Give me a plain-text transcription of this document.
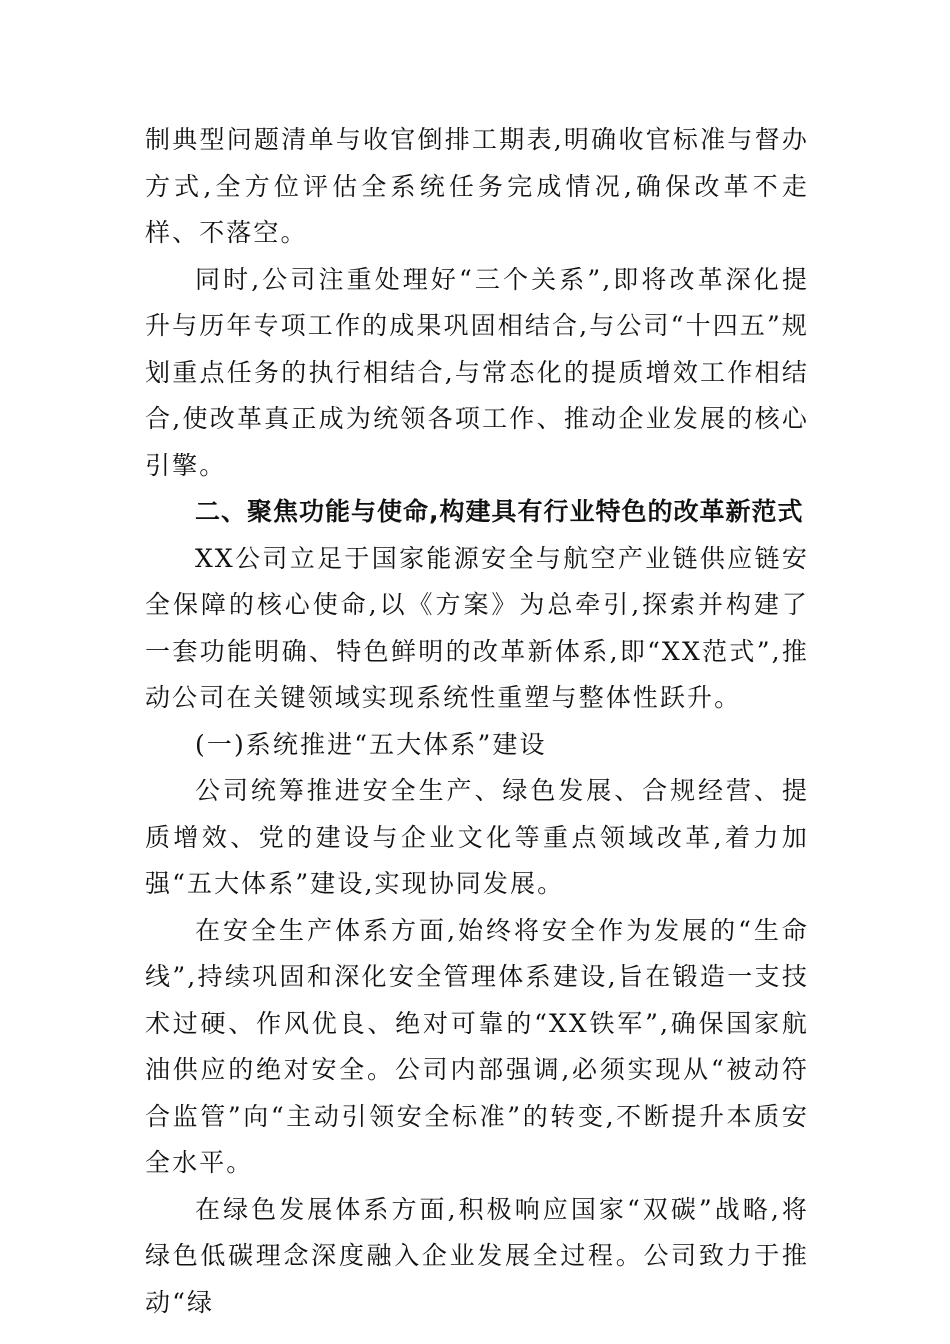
制典型问题清单与收官倒排工期表,明确收官标准与督办方式,全方位评估全系统任务完成情况,确保改革不走样、不落空。

同时,公司注重处理好“三个关系”,即将改革深化提升与历年专项工作的成果巩固相结合,与公司“十四五”规划重点任务的执行相结合,与常态化的提质增效工作相结合,使改革真正成为统领各项工作、推动企业发展的核心引擎。

二、聚焦功能与使命,构建具有行业特色的改革新范式

XX公司立足于国家能源安全与航空产业链供应链安全保障的核心使命,以《方案》为总牵引,探索并构建了一套功能明确、特色鲜明的改革新体系,即“XX范式”,推动公司在关键领域实现系统性重塑与整体性跃升。

(一)系统推进“五大体系”建设

公司统筹推进安全生产、绿色发展、合规经营、提质增效、党的建设与企业文化等重点领域改革,着力加强“五大体系”建设,实现协同发展。

在安全生产体系方面,始终将安全作为发展的“生命线”,持续巩固和深化安全管理体系建设,旨在锻造一支技术过硬、作风优良、绝对可靠的“XX铁军”,确保国家航油供应的绝对安全。公司内部强调,必须实现从“被动符合监管”向“主动引领安全标准”的转变,不断提升本质安全水平。

在绿色发展体系方面,积极响应国家“双碳”战略,将绿色低碳理念深度融入企业发展全过程。公司致力于推动“绿
